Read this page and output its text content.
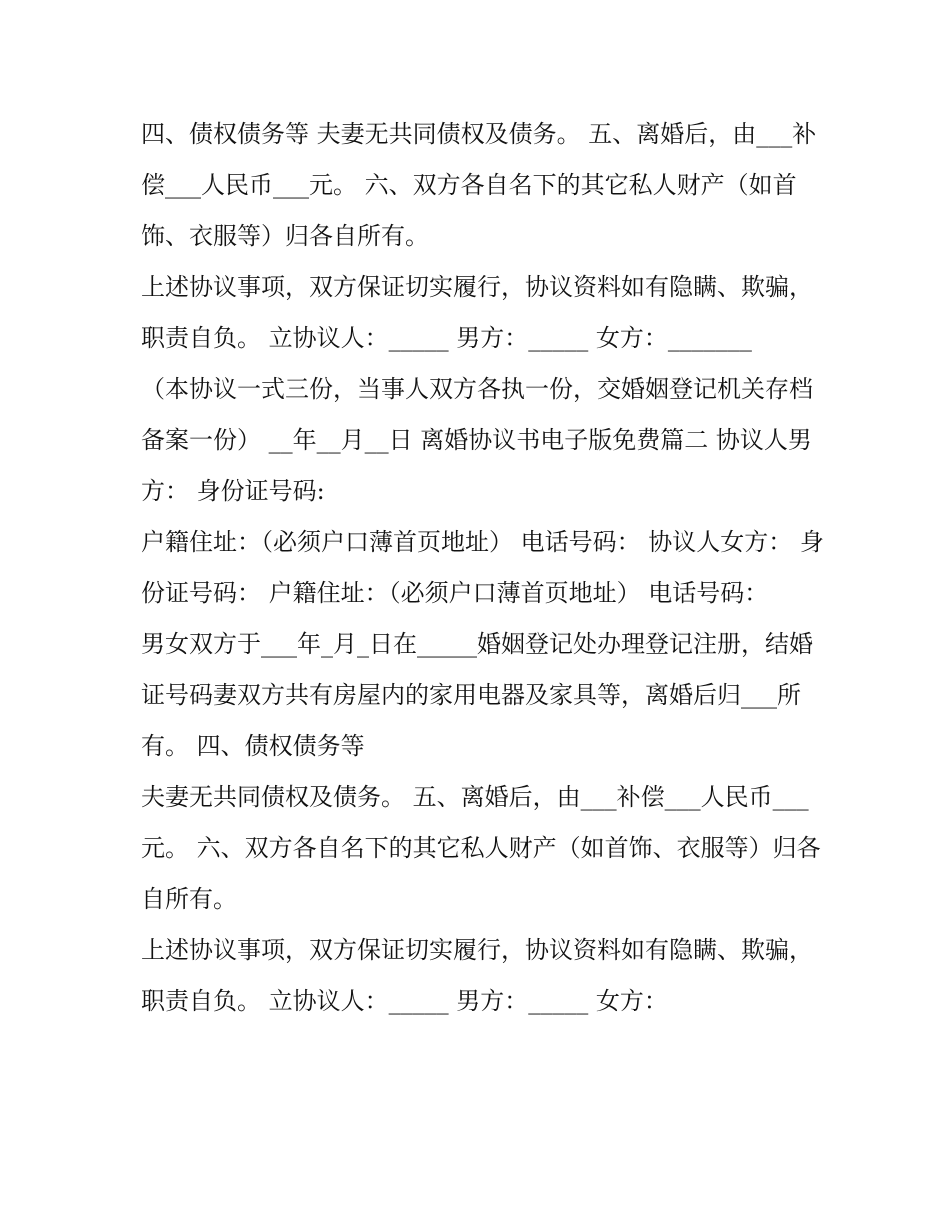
四、债权债务等 夫妻无共同债权及债务。 五、离婚后，由___补偿___人民币___元。 六、双方各自名下的其它私人财产（如首饰、衣服等）归各自所有。

上述协议事项，双方保证切实履行，协议资料如有隐瞒、欺骗，职责自负。 立协议人：_____ 男方：_____ 女方：_______

（本协议一式三份，当事人双方各执一份，交婚姻登记机关存档备案一份） __年__月__日 离婚协议书电子版免费篇二 协议人男方： 身份证号码:

户籍住址：（必须户口薄首页地址） 电话号码： 协议人女方： 身份证号码： 户籍住址：（必须户口薄首页地址） 电话号码：

男女双方于___年_月_日在_____婚姻登记处办理登记注册，结婚证号码妻双方共有房屋内的家用电器及家具等，离婚后归___所有。 四、债权债务等

夫妻无共同债权及债务。 五、离婚后，由___补偿___人民币___元。 六、双方各自名下的其它私人财产（如首饰、衣服等）归各自所有。

上述协议事项，双方保证切实履行，协议资料如有隐瞒、欺骗，职责自负。 立协议人：_____ 男方：_____ 女方：
